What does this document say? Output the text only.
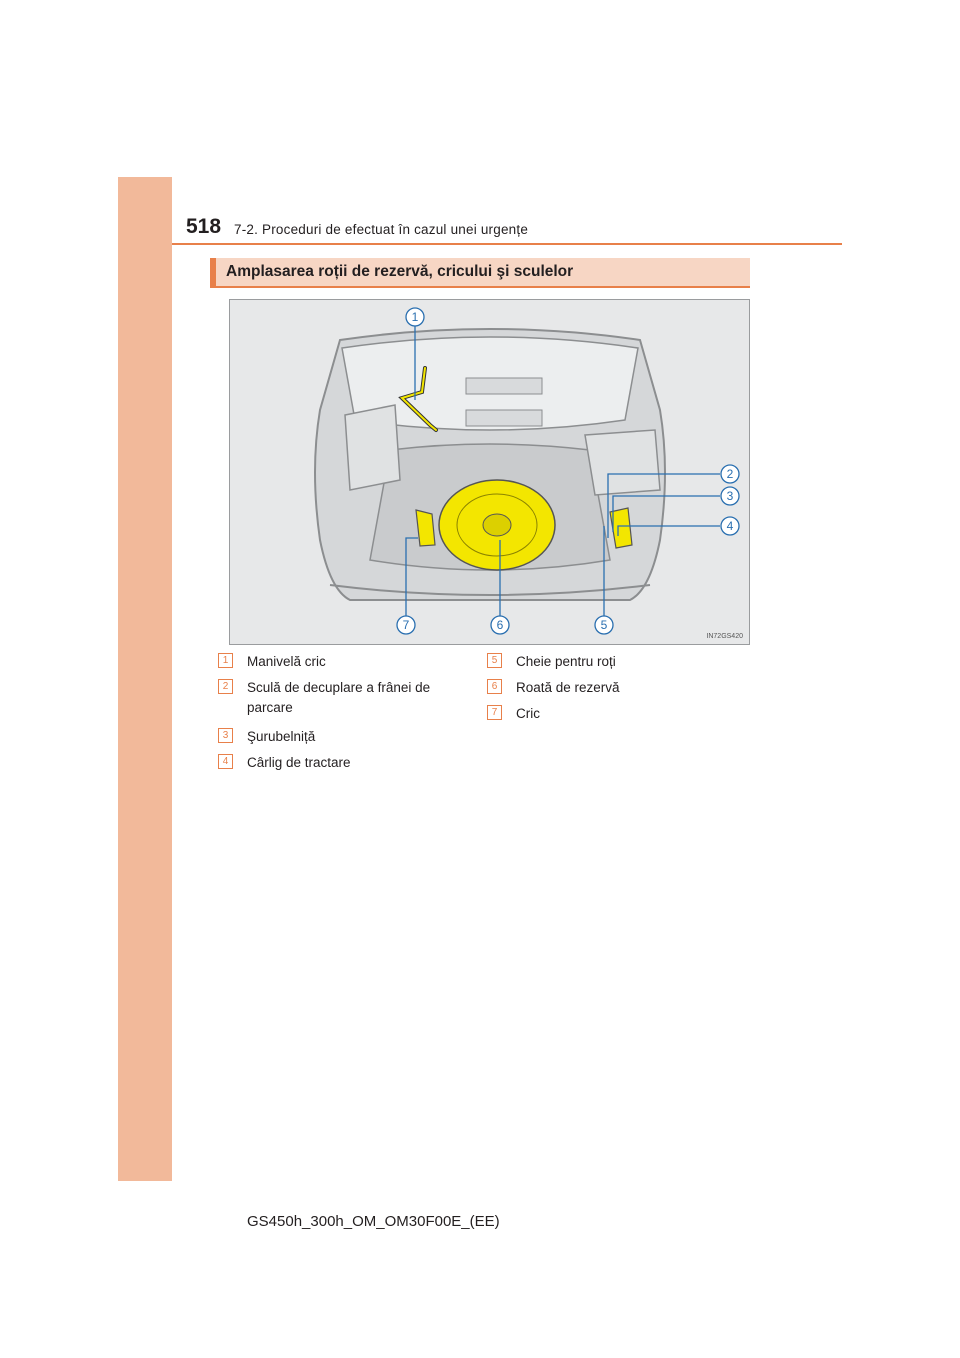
518 7-2. Proceduri de efectuat în cazul unei urgențe
Amplasarea roții de rezervă, cricului şi sculelor
1
2
3
4
5
6
7
IN72GS420
1	Manivelă cric
2	Sculă de decuplare a frânei de parcare
3	Şurubelniță
4	Cârlig de tractare
5	Cheie pentru roți
6	Roată de rezervă
7	Cric
GS450h_300h_OM_OM30F00E_(EE)
